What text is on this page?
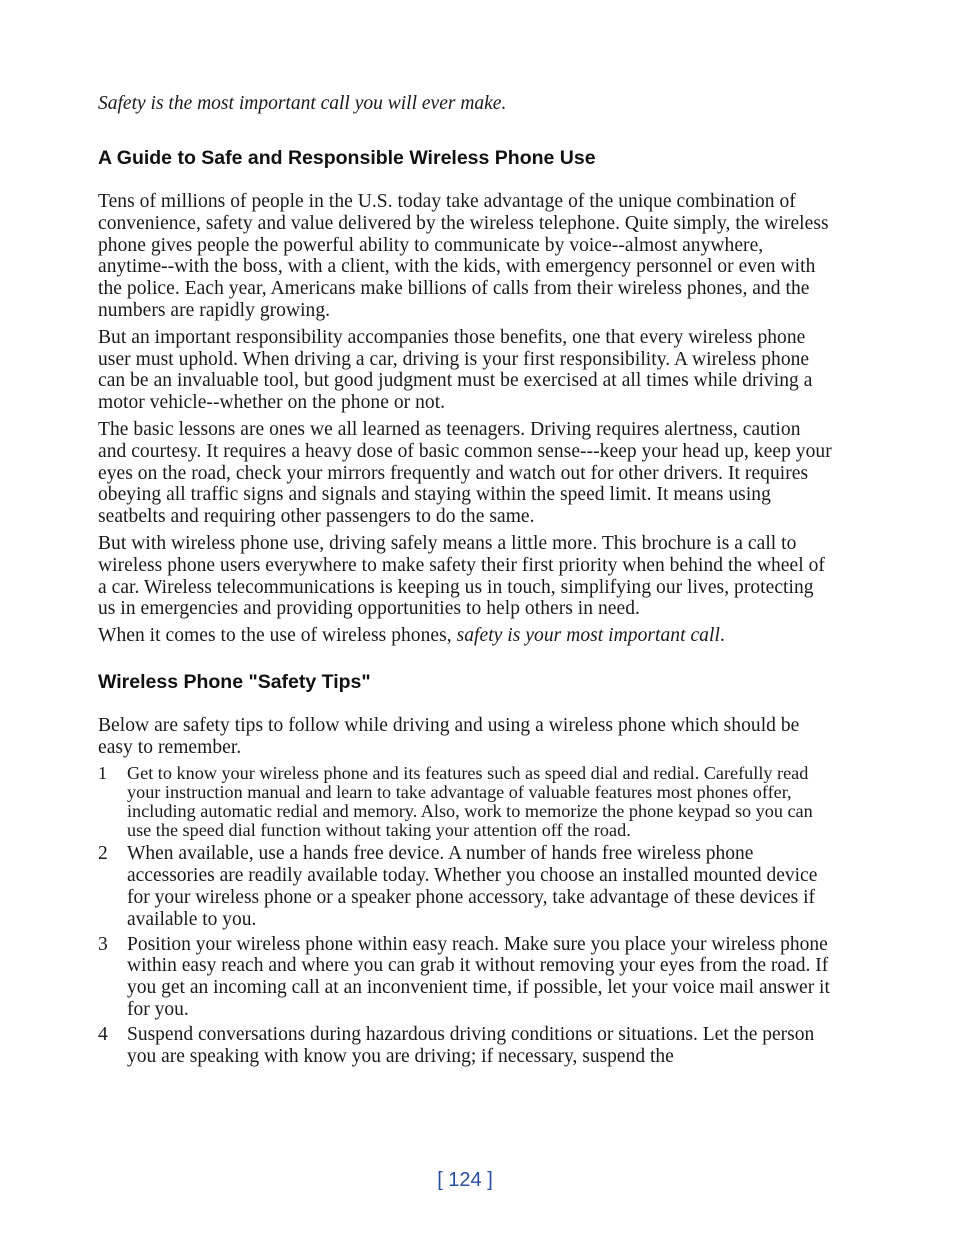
Safety is the most important call you will ever make.

A Guide to Safe and Responsible Wireless Phone Use

Tens of millions of people in the U.S. today take advantage of the unique combination of convenience, safety and value delivered by the wireless telephone. Quite simply, the wireless phone gives people the powerful ability to communicate by voice--almost anywhere, anytime--with the boss, with a client, with the kids, with emergency personnel or even with the police. Each year, Americans make billions of calls from their wireless phones, and the numbers are rapidly growing.

But an important responsibility accompanies those benefits, one that every wireless phone user must uphold. When driving a car, driving is your first responsibility. A wireless phone can be an invaluable tool, but good judgment must be exercised at all times while driving a motor vehicle--whether on the phone or not.

The basic lessons are ones we all learned as teenagers. Driving requires alertness, caution and courtesy. It requires a heavy dose of basic common sense---keep your head up, keep your eyes on the road, check your mirrors frequently and watch out for other drivers. It requires obeying all traffic signs and signals and staying within the speed limit. It means using seatbelts and requiring other passengers to do the same.

But with wireless phone use, driving safely means a little more. This brochure is a call to wireless phone users everywhere to make safety their first priority when behind the wheel of a car. Wireless telecommunications is keeping us in touch, simplifying our lives, protecting us in emergencies and providing opportunities to help others in need.

When it comes to the use of wireless phones, safety is your most important call.

Wireless Phone "Safety Tips"

Below are safety tips to follow while driving and using a wireless phone which should be easy to remember.

1 Get to know your wireless phone and its features such as speed dial and redial. Carefully read your instruction manual and learn to take advantage of valuable features most phones offer, including automatic redial and memory. Also, work to memorize the phone keypad so you can use the speed dial function without taking your attention off the road.
2 When available, use a hands free device. A number of hands free wireless phone accessories are readily available today. Whether you choose an installed mounted device for your wireless phone or a speaker phone accessory, take advantage of these devices if available to you.
3 Position your wireless phone within easy reach. Make sure you place your wireless phone within easy reach and where you can grab it without removing your eyes from the road. If you get an incoming call at an inconvenient time, if possible, let your voice mail answer it for you.
4 Suspend conversations during hazardous driving conditions or situations. Let the person you are speaking with know you are driving; if necessary, suspend the
[ 124 ]
